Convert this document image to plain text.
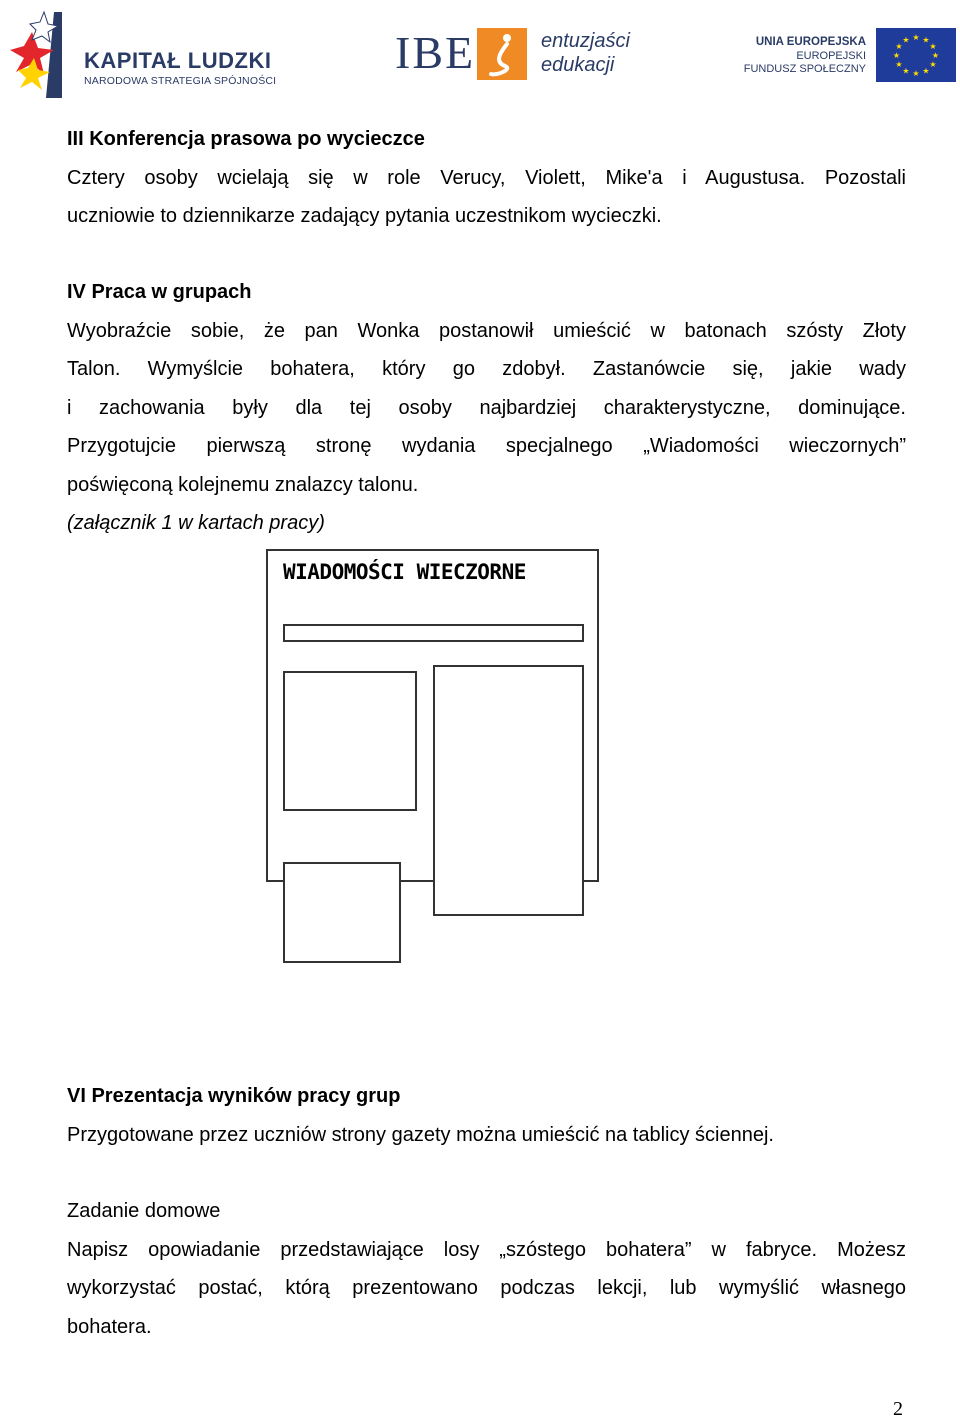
KAPITAŁ LUDZKI
NARODOWA STRATEGIA SPÓJNOŚCI
IBE	entuzjaści
edukacji
UNIA EUROPEJSKA
EUROPEJSKI
FUNDUSZ SPOŁECZNY
★ ★
★
★
★
★
★
★
★
★
★
★
III Konferencja prasowa po wycieczce
Cztery osoby wcielają się w role Verucy, Violett, Mike'a i Augustusa. Pozostali
uczniowie to dziennikarze zadający pytania uczestnikom wycieczki.
IV Praca w grupach
Wyobraźcie sobie, że pan Wonka postanowił umieścić w batonach szósty Złoty
Talon. Wymyślcie bohatera, który go zdobył. Zastanówcie się, jakie wady
i zachowania były dla tej osoby najbardziej charakterystyczne, dominujące.
Przygotujcie pierwszą stronę wydania specjalnego „Wiadomości wieczornych”
poświęconą kolejnemu znalazcy talonu.
(załącznik 1 w kartach pracy)
WIADOMOŚCI WIECZORNE
VI Prezentacja wyników pracy grup
Przygotowane przez uczniów strony gazety można umieścić na tablicy ściennej.
Zadanie domowe
Napisz opowiadanie przedstawiające losy „szóstego bohatera” w fabryce. Możesz
wykorzystać postać, którą prezentowano podczas lekcji, lub wymyślić własnego
bohatera.
2
